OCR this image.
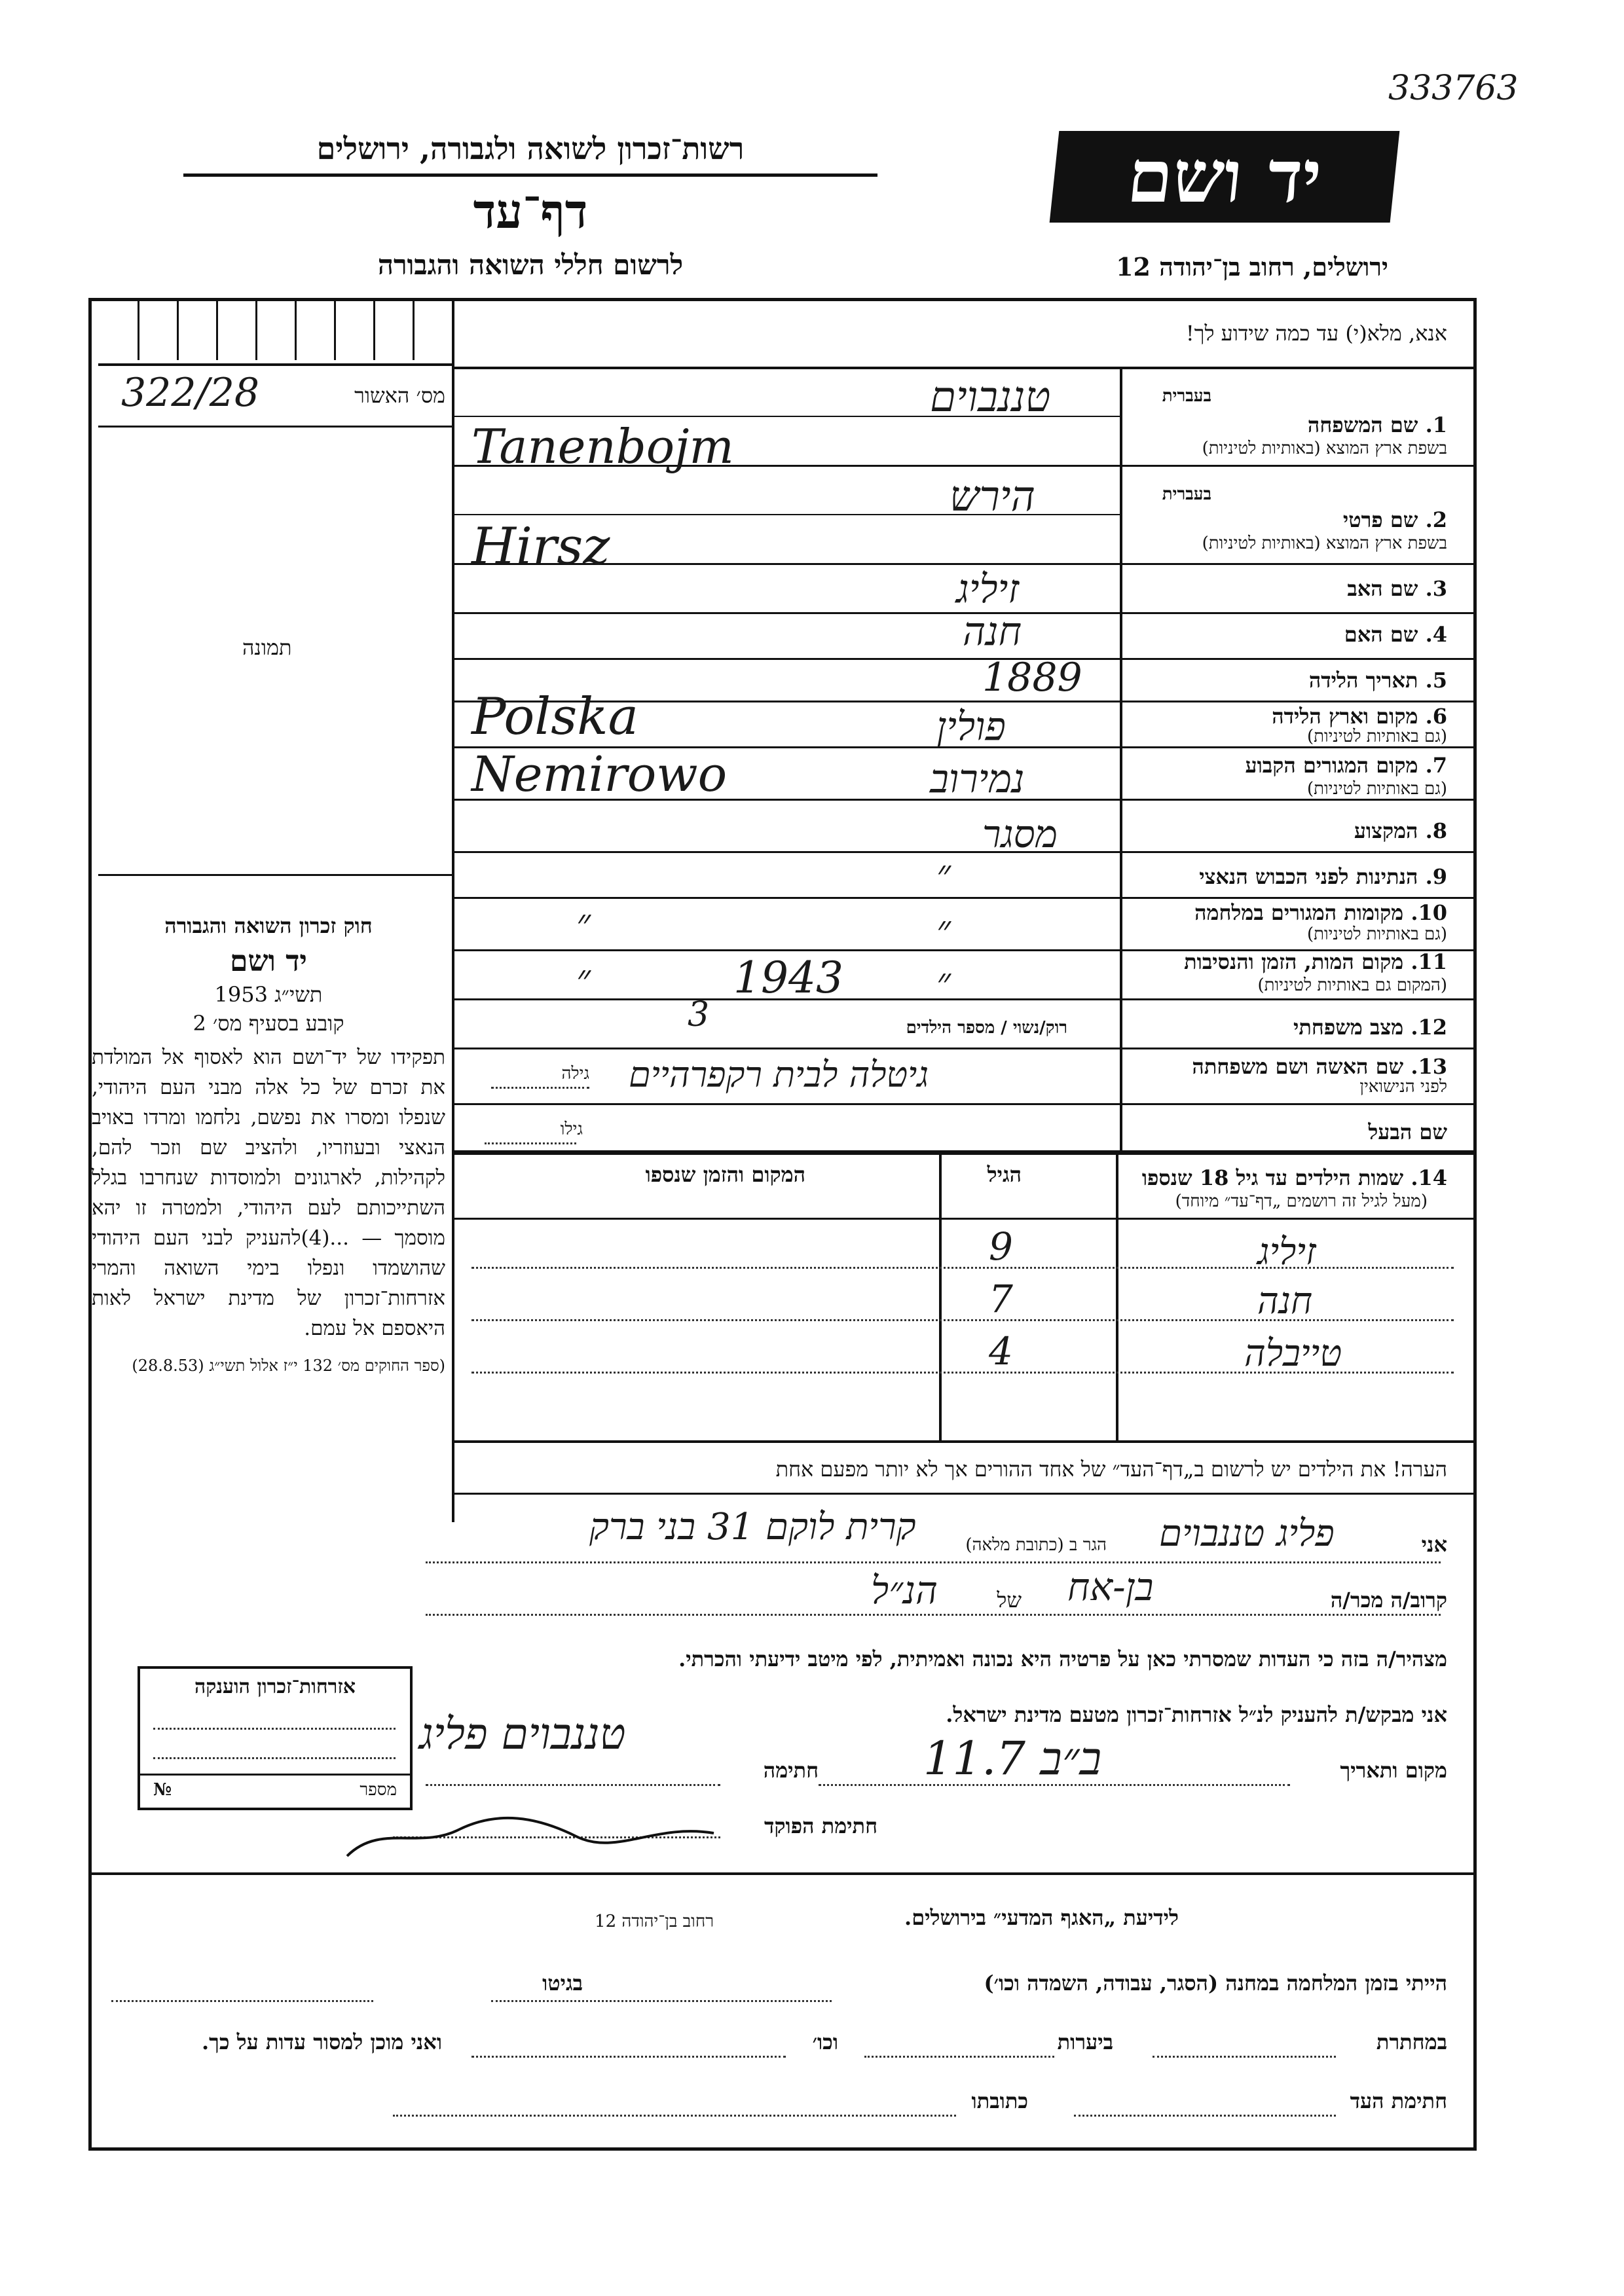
333763
רשות־זכרון לשואה ולגבורה, ירושלים
דף־עד
לרשום חללי השואה והגבורה
יד ושם
ירושלים, רחוב בן־יהודה 12
מס׳ האשור
322/28
תמונה
חוק זכרון השואה והגבורה
יד ושם
תשי״ג 1953
קובע בסעיף מס׳ 2
תפקידו של יד־ושם הוא לאסוף אל המולדת את זכרם של כל אלה מבני העם היהודי, שנפלו ומסרו את נפשם, נלחמו ומרדו באויב הנאצי ובעוזריו, ולהציב שם וזכר להם, לקהילות, לארגונים ולמוסדות שנחרבו בגלל השתייכותם לעם היהודי, ולמטרה זו יהא מוסמך — ...(4)להעניק לבני העם היהודי שהושמדו ונפלו בימי השואה והמרי אזרחות־זכרון של מדינת ישראל לאות היאספם אל עמם.
(ספר החוקים מס׳ 132 י״ז אלול תשי״ג (28.8.53)
אנא, מלא(י) עד כמה שידוע לך!
בעברית
1. שם המשפחה
בשפת ארץ המוצא (באותיות לטיניות)
טננבוים
Tanenbojm
בעברית
2. שם פרטי
בשפת ארץ המוצא (באותיות לטיניות)
הירש
Hirsz
3. שם האב
זיליג
4. שם האם
חנה
5. תאריך הלידה
1889
6. מקום וארץ הלידה
(גם באותיות לטיניות)
Polska	פולין
7. מקום המגורים הקבוע
(גם באותיות לטיניות)
Nemirowo	נמירוב
8. המקצוע
מסגר
9. הנתינות לפני הכבוש הנאצי
״
10. מקומות המגורים במלחמה
(גם באותיות לטיניות)
״	״
11. מקום המות, הזמן והנסיבות
(המקום גם באותיות לטיניות)
״	1943 ״
12. מצב משפחתי
רוק/נשוי / מספר הילדים
3
13. שם האשה ושם משפחתה
לפני הנישואין
גיטלה לבית רקפרהיים
גילה
שם הבעל
גילו
14. שמות הילדים עד גיל 18 שנספו
(מעל לגיל זה רושמים „דף־עד״ מיוחד)
הגיל
המקום והזמן שנספו
זיליג
9
חנה
7
טייבלה
4
הערה! את הילדים יש לרשום ב„דף־העד״ של אחד ההורים אך לא יותר מפעם אחת
אני
פליג טננבוים
הגר ב (כתובת מלאה)
קרית לוקם 31 בני ברק
קרוב/ה מכר/ה
בן-אח
של
הנ״ל
מצהיר/ה בזה כי העדות שמסרתי כאן על פרטיה היא נכונה ואמיתית, לפי מיטב ידיעתי והכרתי.
אני מבקש/ת להעניק לנ״ל אזרחות־זכרון מטעם מדינת ישראל.
מקום ותאריך
ב״ב 11.7
חתימה
טננבוים פליג
חתימת הפוקד
אזרחות־זכרון הוענקה
מספר
№
לידיעת „האגף המדעי״ בירושלים.
רחוב בן־יהודה 12
הייתי בזמן המלחמה במחנה (הסגר, עבודה, השמדה וכו׳)
בגיטו
במחתרת
ביערות
וכו׳
ואני מוכן למסור עדות על כך.
חתימת העד
כתובתו
